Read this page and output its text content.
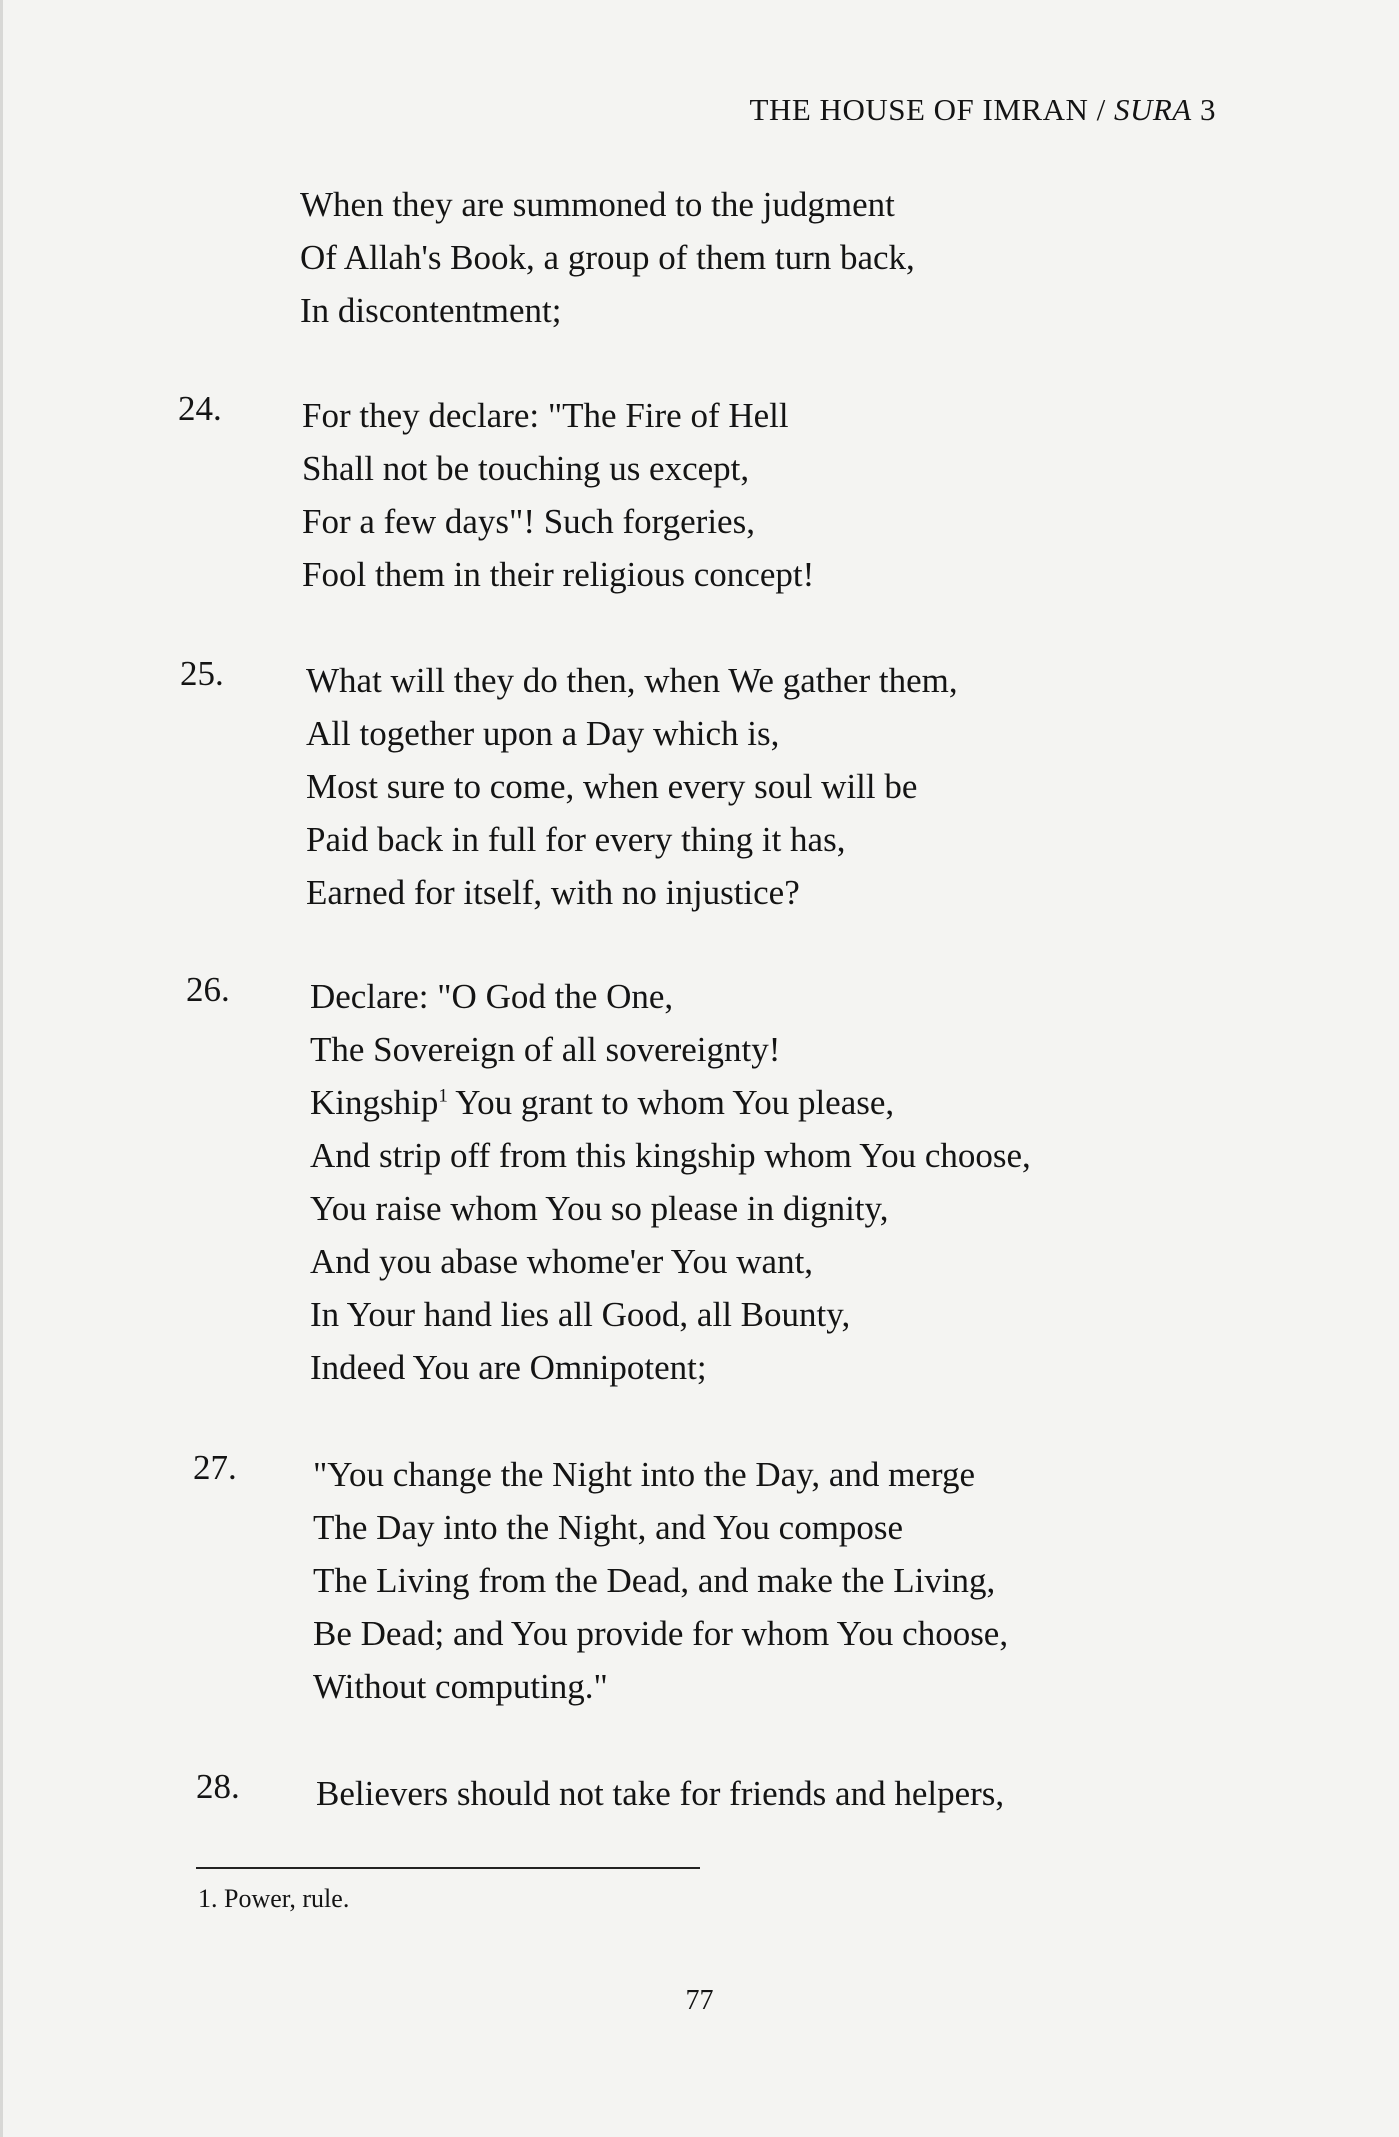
THE HOUSE OF IMRAN / SURA 3
When they are summoned to the judgment
Of Allah's Book, a group of them turn back,
In discontentment;
24. For they declare: "The Fire of Hell
Shall not be touching us except,
For a few days"! Such forgeries,
Fool them in their religious concept!
25. What will they do then, when We gather them,
All together upon a Day which is,
Most sure to come, when every soul will be
Paid back in full for every thing it has,
Earned for itself, with no injustice?
26. Declare: "O God the One,
The Sovereign of all sovereignty!
Kingship$^1$ You grant to whom You please,
And strip off from this kingship whom You choose,
You raise whom You so please in dignity,
And you abase whome'er You want,
In Your hand lies all Good, all Bounty,
Indeed You are Omnipotent;
27. "You change the Night into the Day, and merge
The Day into the Night, and You compose
The Living from the Dead, and make the Living,
Be Dead; and You provide for whom You choose,
Without computing."
28. Believers should not take for friends and helpers,
1. Power, rule.
77
